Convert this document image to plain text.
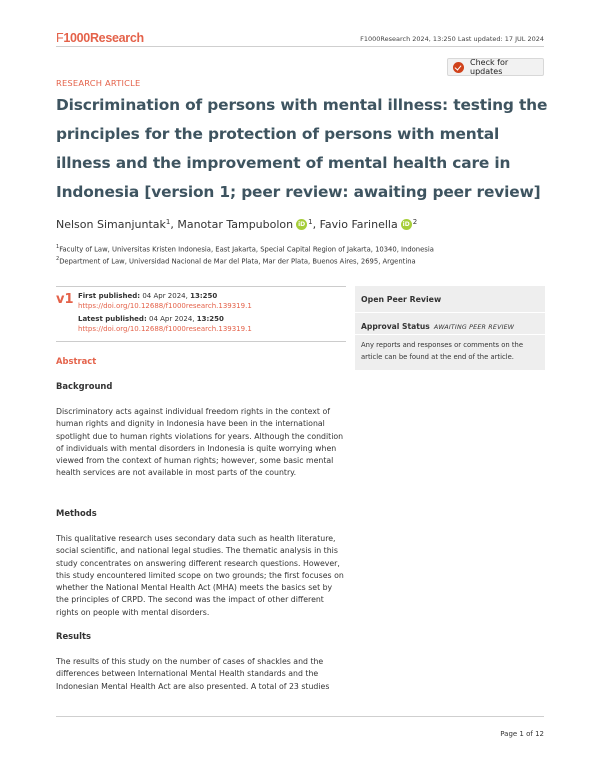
F1000Research	F1000Research 2024, 13:250 Last updated: 17 JUL 2024
RESEARCH ARTICLE
Check for updates
Discrimination of persons with mental illness: testing the principles for the protection of persons with mental illness and the improvement of mental health care in Indonesia [version 1; peer review: awaiting peer review]
Nelson Simanjuntak$^1$ ,
Manotar Tampubolon iD $^1$ ,
Favio Farinella iD $^2$
$^1$Faculty of Law, Universitas Kristen Indonesia, East Jakarta, Special Capital Region of Jakarta, 10340, Indonesia
$^2$Department of Law, Universidad Nacional de Mar del Plata, Mar der Plata, Buenos Aires, 2695, Argentina
v1 First published: 04 Apr 2024, 13:250
https://doi.org/10.12688/f1000research.139319.1
Latest published: 04 Apr 2024, 13:250
https://doi.org/10.12688/f1000research.139319.1
Abstract
Background
Discriminatory acts against individual freedom rights in the context of human rights and dignity in Indonesia have been in the international spotlight due to human rights violations for years. Although the condition of individuals with mental disorders in Indonesia is quite worrying when viewed from the context of human rights; however, some basic mental health services are not available in most parts of the country.
Methods
This qualitative research uses secondary data such as health literature, social scientific, and national legal studies. The thematic analysis in this study concentrates on answering different research questions. However, this study encountered limited scope on two grounds; the first focuses on whether the National Mental Health Act (MHA) meets the basics set by the principles of CRPD. The second was the impact of other different rights on people with mental disorders.
Results
The results of this study on the number of cases of shackles and the differences between International Mental Health standards and the Indonesian Mental Health Act are also presented. A total of 23 studies
Open Peer Review
Approval Status AWAITING PEER REVIEW
Any reports and responses or comments on the article can be found at the end of the article.
Page 1 of 12
